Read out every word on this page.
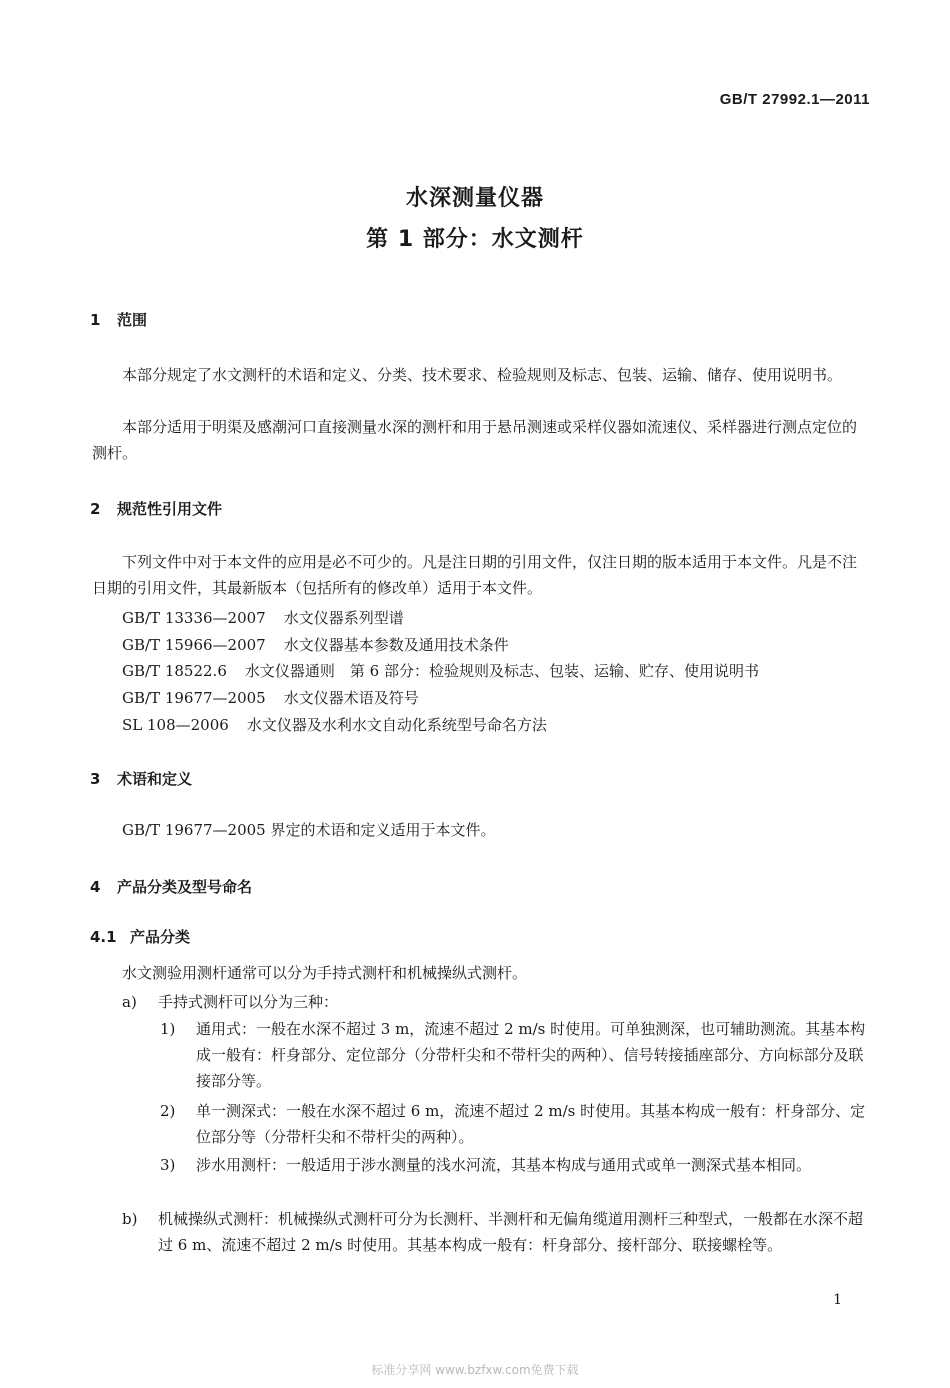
GB/T 27992.1—2011
水深测量仪器
第 1 部分：水文测杆
1 范围
本部分规定了水文测杆的术语和定义、分类、技术要求、检验规则及标志、包装、运输、储存、使用说明书。
本部分适用于明渠及感潮河口直接测量水深的测杆和用于悬吊测速或采样仪器如流速仪、采样器进行测点定位的测杆。
2 规范性引用文件
下列文件中对于本文件的应用是必不可少的。凡是注日期的引用文件，仅注日期的版本适用于本文件。凡是不注日期的引用文件，其最新版本（包括所有的修改单）适用于本文件。
GB/T 13336—2007 水文仪器系列型谱
GB/T 15966—2007 水文仪器基本参数及通用技术条件
GB/T 18522.6 水文仪器通则　第 6 部分：检验规则及标志、包装、运输、贮存、使用说明书
GB/T 19677—2005 水文仪器术语及符号
SL 108—2006 水文仪器及水利水文自动化系统型号命名方法
3 术语和定义
GB/T 19677—2005 界定的术语和定义适用于本文件。
4 产品分类及型号命名
4.1 产品分类
水文测验用测杆通常可以分为手持式测杆和机械操纵式测杆。
a) 手持式测杆可以分为三种：
1) 通用式：一般在水深不超过 3 m，流速不超过 2 m/s 时使用。可单独测深，也可辅助测流。其基本构成一般有：杆身部分、定位部分（分带杆尖和不带杆尖的两种）、信号转接插座部分、方向标部分及联接部分等。
2) 单一测深式：一般在水深不超过 6 m，流速不超过 2 m/s 时使用。其基本构成一般有：杆身部分、定位部分等（分带杆尖和不带杆尖的两种）。
3) 涉水用测杆：一般适用于涉水测量的浅水河流，其基本构成与通用式或单一测深式基本相同。
b) 机械操纵式测杆：机械操纵式测杆可分为长测杆、半测杆和无偏角缆道用测杆三种型式，一般都在水深不超过 6 m、流速不超过 2 m/s 时使用。其基本构成一般有：杆身部分、接杆部分、联接螺栓等。
1
标准分享网 www.bzfxw.com免费下载
